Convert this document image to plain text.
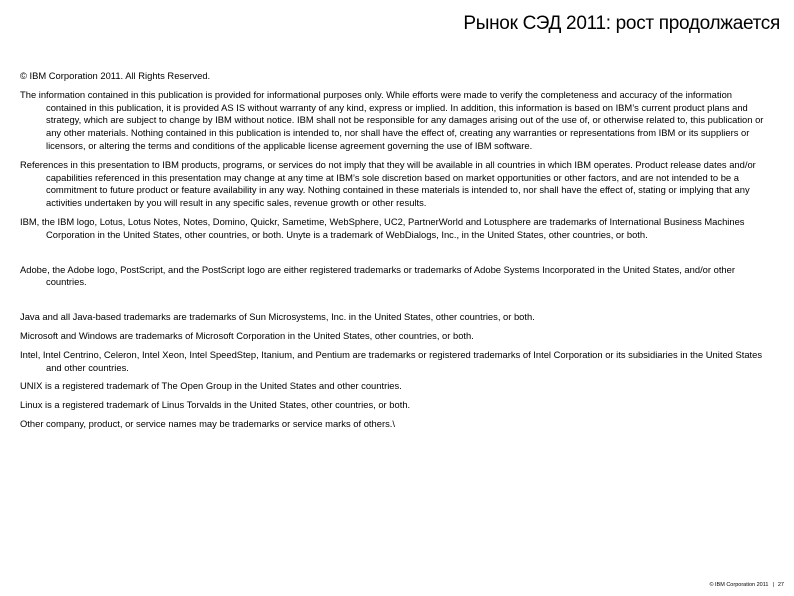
Рынок СЭД 2011: рост продолжается

© IBM Corporation 2011. All Rights Reserved.

The information contained in this publication is provided for informational purposes only. While efforts were made to verify the completeness and accuracy of the information contained in this publication, it is provided AS IS without warranty of any kind, express or implied. In addition, this information is based on IBM’s current product plans and strategy, which are subject to change by IBM without notice. IBM shall not be responsible for any damages arising out of the use of, or otherwise related to, this publication or any other materials. Nothing contained in this publication is intended to, nor shall have the effect of, creating any warranties or representations from IBM or its suppliers or licensors, or altering the terms and conditions of the applicable license agreement governing the use of IBM software.

References in this presentation to IBM products, programs, or services do not imply that they will be available in all countries in which IBM operates. Product release dates and/or capabilities referenced in this presentation may change at any time at IBM’s sole discretion based on market opportunities or other factors, and are not intended to be a commitment to future product or feature availability in any way. Nothing contained in these materials is intended to, nor shall have the effect of, stating or implying that any activities undertaken by you will result in any specific sales, revenue growth or other results.

IBM, the IBM logo, Lotus, Lotus Notes, Notes, Domino, Quickr, Sametime, WebSphere, UC2, PartnerWorld and Lotusphere are trademarks of International Business Machines Corporation in the United States, other countries, or both. Unyte is a trademark of WebDialogs, Inc., in the United States, other countries, or both.

Adobe, the Adobe logo, PostScript, and the PostScript logo are either registered trademarks or trademarks of Adobe Systems Incorporated in the United States, and/or other countries.

Java and all Java-based trademarks are trademarks of Sun Microsystems, Inc. in the United States, other countries, or both.

Microsoft and Windows are trademarks of Microsoft Corporation in the United States, other countries, or both.

Intel, Intel Centrino, Celeron, Intel Xeon, Intel SpeedStep, Itanium, and Pentium are trademarks or registered trademarks of Intel Corporation or its subsidiaries in the United States and other countries.

UNIX is a registered trademark of The Open Group in the United States and other countries.

Linux is a registered trademark of Linus Torvalds in the United States, other countries, or both.

Other company, product, or service names may be trademarks or service marks of others.\

© IBM Corporation 2011 | 27
